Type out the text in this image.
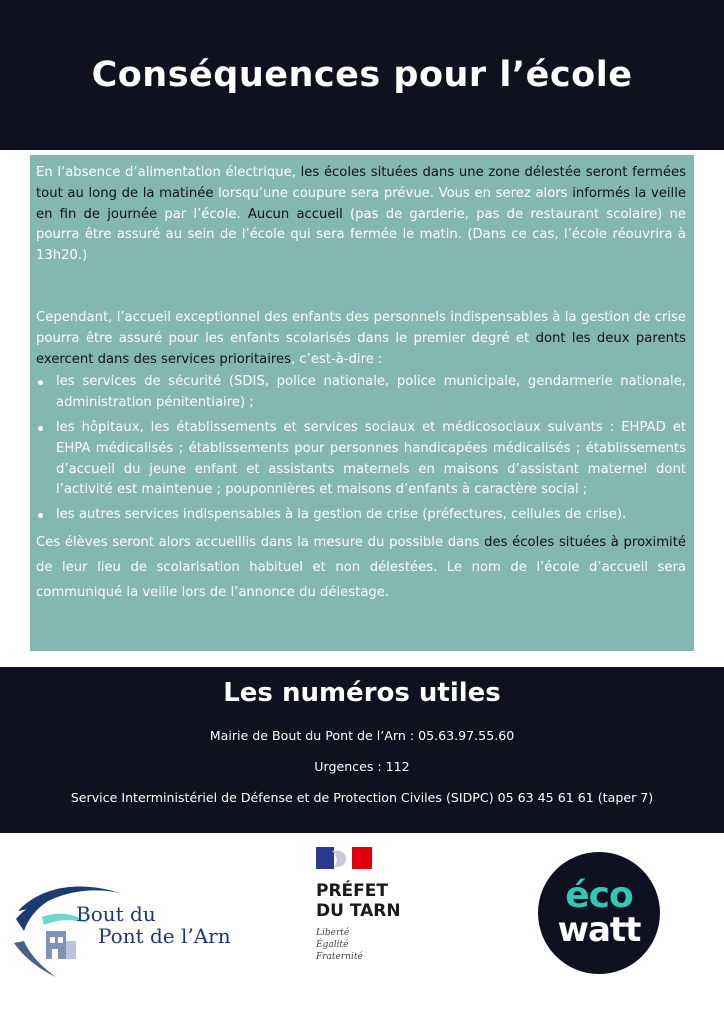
Conséquences pour l’école

En l’absence d’alimentation électrique, les écoles situées dans une zone délestée seront fermées tout au long de la matinée lorsqu’une coupure sera prévue. Vous en serez alors informés la veille en fin de journée par l’école. Aucun accueil (pas de garderie, pas de restaurant scolaire) ne pourra être assuré au sein de l’école qui sera fermée le matin. (Dans ce cas, l’école réouvrira à 13h20.)

Cependant, l’accueil exceptionnel des enfants des personnels indispensables à la gestion de crise pourra être assuré pour les enfants scolarisés dans le premier degré et dont les deux parents exercent dans des services prioritaires, c’est-à-dire :

les services de sécurité (SDIS, police nationale, police municipale, gendarmerie nationale, administration pénitentiaire) ;
les hôpitaux, les établissements et services sociaux et médicosociaux suivants : EHPAD et EHPA médicalisés ; établissements pour personnes handicapées médicalisés ; établissements d’accueil du jeune enfant et assistants maternels en maisons d’assistant maternel dont l’activité est maintenue ; pouponnières et maisons d’enfants à caractère social ;
les autres services indispensables à la gestion de crise (préfectures, cellules de crise).

Ces élèves seront alors accueillis dans la mesure du possible dans des écoles situées à proximité de leur lieu de scolarisation habituel et non délestées. Le nom de l’école d’accueil sera communiqué la veille lors de l’annonce du délestage.

Les numéros utiles
Mairie de Bout du Pont de l’Arn : 05.63.97.55.60
Urgences : 112
Service Interministériel de Défense et de Protection Civiles (SIDPC) 05 63 45 61 61 (taper 7)
Bout du
Pont de l’Arn
PRÉFET
DU TARN
Liberté
Égalité
Fraternité
éco
watt
